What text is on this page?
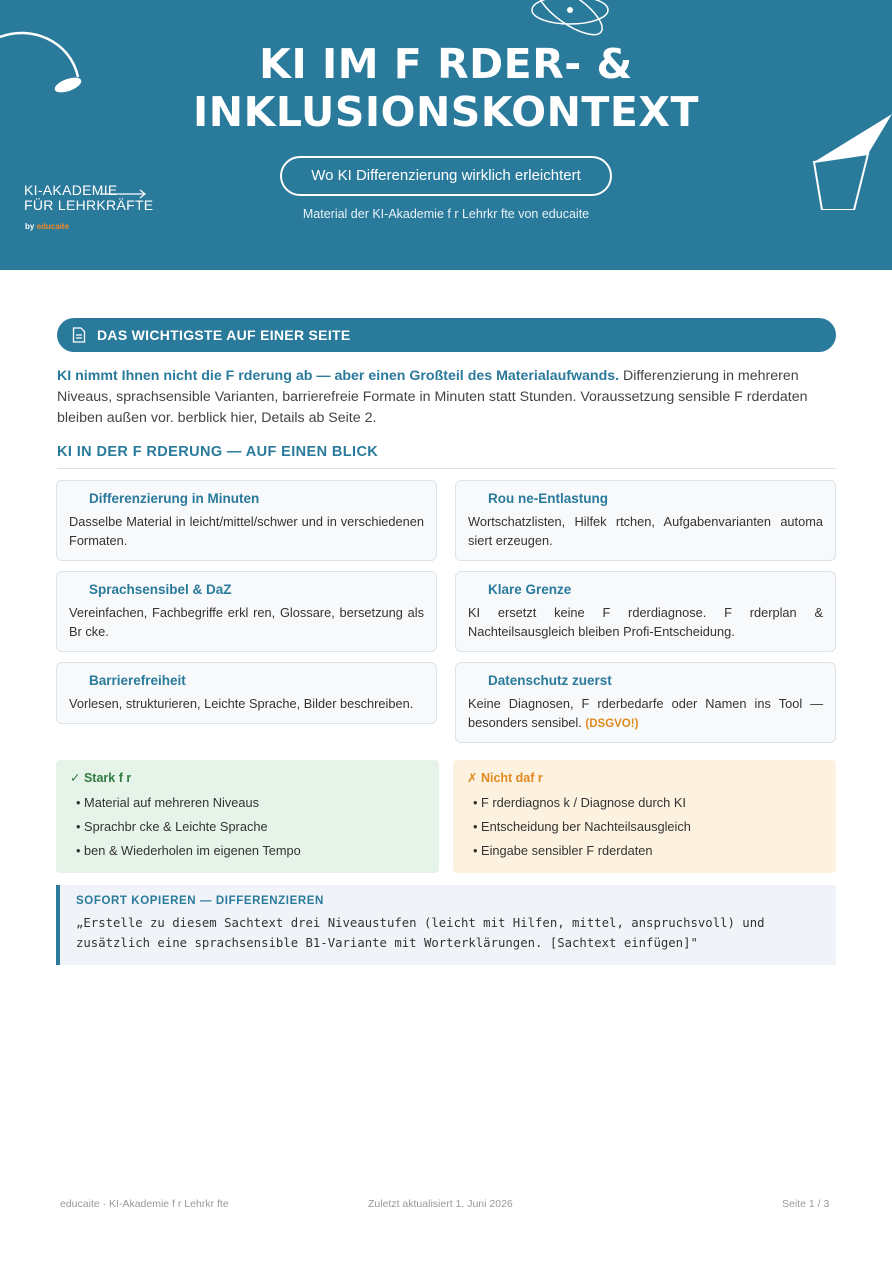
KI IM F RDER- &
INKLUSIONSKONTEXT
Wo KI Differenzierung wirklich erleichtert
Material der KI-Akademie f r Lehrkr fte von educaite
KI-AKADEMIE
FÜR LEHRKRÄFTE
by educaite
DAS WICHTIGSTE AUF EINER SEITE
KI nimmt Ihnen nicht die F rderung ab — aber einen Großteil des Materialaufwands. Differenzierung in mehreren Niveaus, sprachsensible Varianten, barrierefreie Formate in Minuten statt Stunden. Voraussetzung sensible F rderdaten bleiben außen vor. berblick hier, Details ab Seite 2.
KI IN DER F RDERUNG — AUF EINEN BLICK
Differenzierung in Minuten
Dasselbe Material in leicht/mittel/schwer und in verschiedenen Formaten.
Rou ne-Entlastung
Wortschatzlisten, Hilfek rtchen, Aufgabenvarianten automa siert erzeugen.
Sprachsensibel & DaZ
Vereinfachen, Fachbegriffe erkl ren, Glossare, bersetzung als Br cke.
Klare Grenze
KI ersetzt keine F rderdiagnose. F rderplan & Nachteilsausgleich bleiben Profi-Entscheidung.
Barrierefreiheit
Vorlesen, strukturieren, Leichte Sprache, Bilder beschreiben.
Datenschutz zuerst
Keine Diagnosen, F rderbedarfe oder Namen ins Tool — besonders sensibel. (DSGVO!)
✓ Stark f r
• Material auf mehreren Niveaus
• Sprachbr cke & Leichte Sprache
• ben & Wiederholen im eigenen Tempo
✗ Nicht daf r
• F rderdiagnos k / Diagnose durch KI
• Entscheidung ber Nachteilsausgleich
• Eingabe sensibler F rderdaten
SOFORT KOPIEREN — DIFFERENZIEREN
„Erstelle zu diesem Sachtext drei Niveaustufen (leicht mit Hilfen, mittel, anspruchsvoll) und zusätzlich eine sprachsensible B1-Variante mit Worterklärungen. [Sachtext einfügen]"
educaite · KI-Akademie f r Lehrkr fte	Zuletzt aktualisiert 1. Juni 2026	Seite 1 / 3
